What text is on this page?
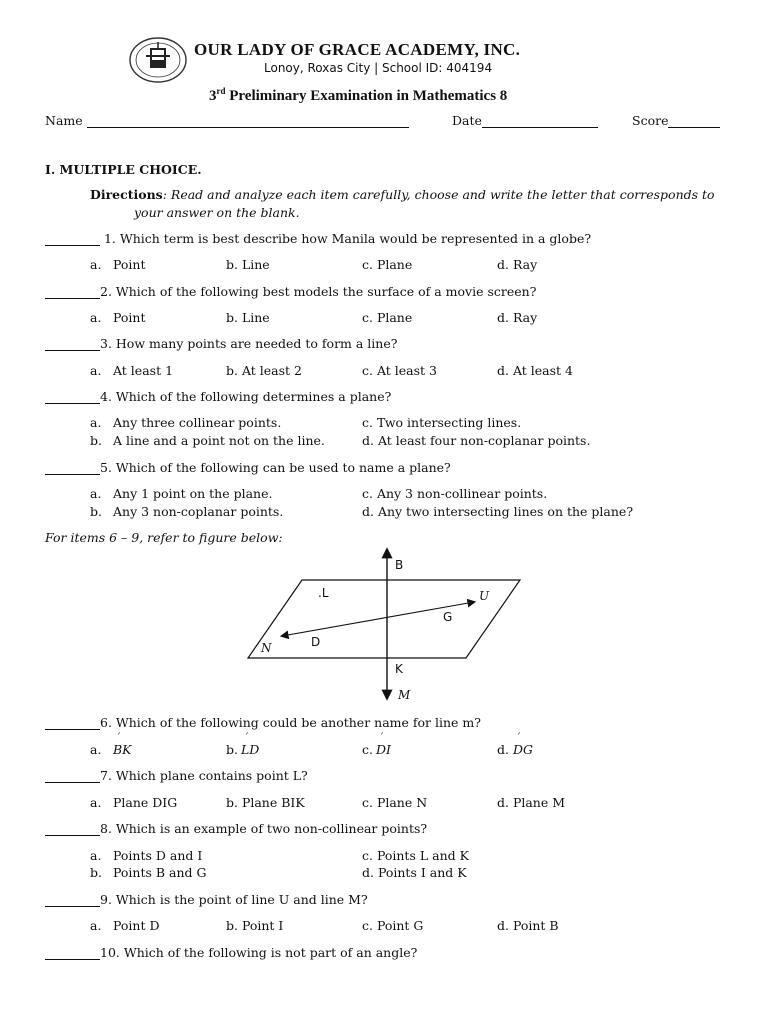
OUR LADY OF GRACE ACADEMY, INC.
Lonoy, Roxas City | School ID: 404194
3rd Preliminary Examination in Mathematics 8
Name	Date	Score
I. MULTIPLE CHOICE.
Directions: Read and analyze each item carefully, choose and write the letter that corresponds to
your answer on the blank.
1. Which term is best describe how Manila would be represented in a globe?
a. Point	b. Line	c. Plane	d. Ray
2. Which of the following best models the surface of a movie screen?
a. Point	b. Line	c. Plane	d. Ray
3. How many points are needed to form a line?
a. At least 1	b. At least 2	c. At least 3	d. At least 4
4. Which of the following determines a plane?
a. Any three collinear points.
b. A line and a point not on the line.
c. Two intersecting lines.
d. At least four non-coplanar points.
5. Which of the following can be used to name a plane?
a. Any 1 point on the plane.
b. Any 3 non-coplanar points.
c. Any 3 non-collinear points.
d. Any two intersecting lines on the plane?
For items 6 – 9, refer to figure below:
B
.L	U
G
N	D
K
M
6. Which of the following could be another name for line m?
a.
´
BK	b.
´
LD	c.
´
DI	d.
´
DG
7. Which plane contains point L?
a. Plane DIG	b. Plane BIK	c. Plane N	d. Plane M
8. Which is an example of two non-collinear points?
a. Points D and I
b. Points B and G
c. Points L and K
d. Points I and K
9. Which is the point of line U and line M?
a. Point D	b. Point I	c. Point G	d. Point B
10. Which of the following is not part of an angle?
